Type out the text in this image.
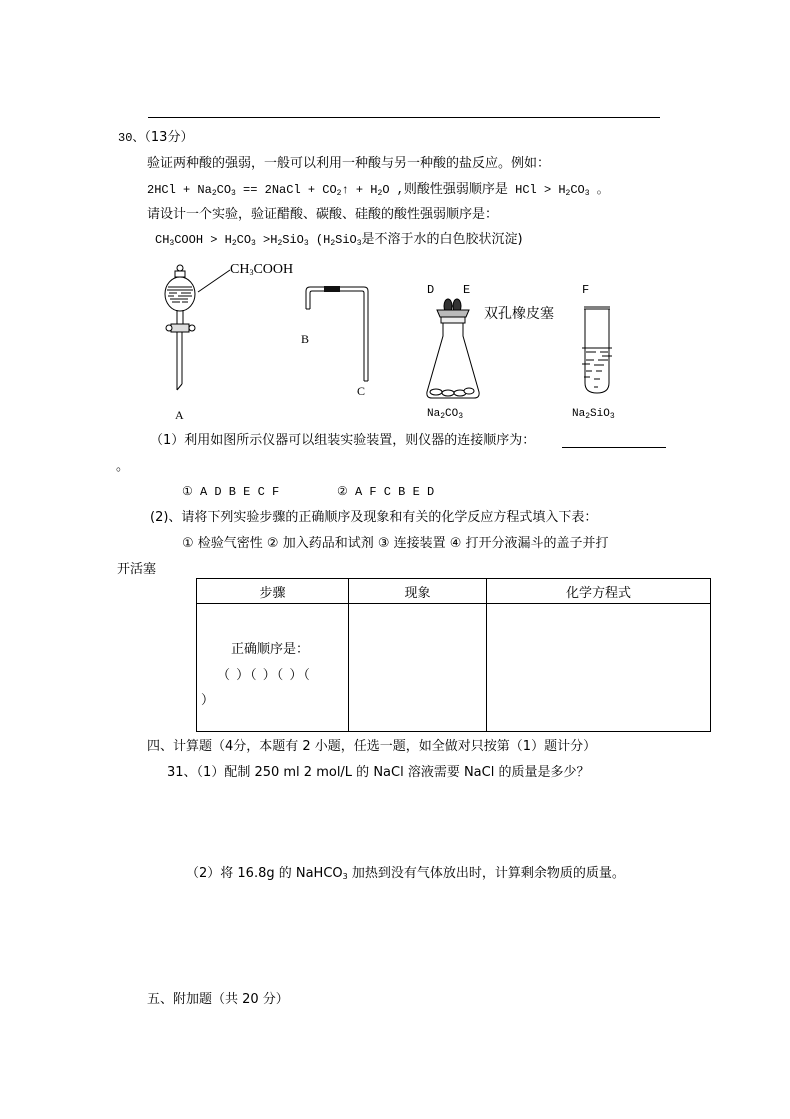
30、（13分）
验证两种酸的强弱，一般可以利用一种酸与另一种酸的盐反应。例如：
$2HCl + Na_2CO_3$ == 2NaCl + $CO_2↑ + H_2O$ ,则酸性强弱顺序是 HCl > $H_2CO_3$ 。
请设计一个实验，验证醋酸、碳酸、硅酸的酸性强弱顺序是：
$CH_3COOH > H_2CO_3 >H_2SiO_3$ ($H_2SiO_3$是不溶于水的白色胶状沉淀)
$CH_3COOH$
A
B
C
D E
双孔橡皮塞
$Na_2CO_3$
F
$Na_2SiO_3$
（1）利用如图所示仪器可以组装实验装置，则仪器的连接顺序为：
。
① A D B E C F	② A F C B E D
(2)、请将下列实验步骤的正确顺序及现象和有关的化学反应方程式填入下表：
① 检验气密性 ② 加入药品和试剂 ③ 连接装置 ④ 打开分液漏斗的盖子并打
开活塞
步骤	现象	化学方程式

正确顺序是：
（ ）（ ）（ ）（
）		

四、计算题（4分，本题有 2 小题，任选一题，如全做对只按第（1）题计分）
31、（1）配制 250 ml 2 mol/L 的 NaCl 溶液需要 NaCl 的质量是多少？
（2）将 16.8g 的 NaHCO$_3$ 加热到没有气体放出时，计算剩余物质的质量。
五、附加题（共 20 分）
